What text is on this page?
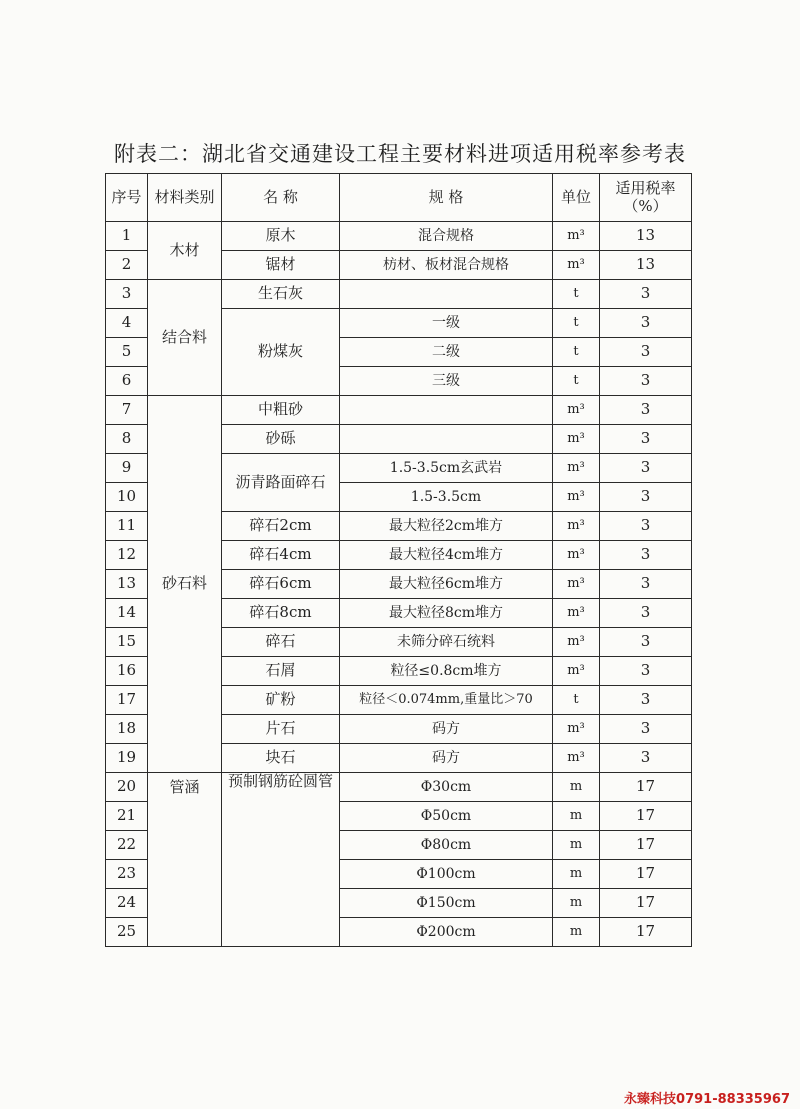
附表二：湖北省交通建设工程主要材料进项适用税率参考表
序号	材料类别	名 称	规 格	单位	适用税率（%）
1	木材	原木	混合规格	m³	13
2		锯材	枋材、板材混合规格	m³	13
3	结合料	生石灰		t	3
4		粉煤灰	一级	t	3
5			二级	t	3
6			三级	t	3
7	砂石料	中粗砂		m³	3
8		砂砾		m³	3
9		沥青路面碎石	1.5-3.5cm玄武岩	m³	3
10			1.5-3.5cm	m³	3
11		碎石2cm	最大粒径2cm堆方	m³	3
12		碎石4cm	最大粒径4cm堆方	m³	3
13		碎石6cm	最大粒径6cm堆方	m³	3
14		碎石8cm	最大粒径8cm堆方	m³	3
15		碎石	未筛分碎石统料	m³	3
16		石屑	粒径≤0.8cm堆方	m³	3
17		矿粉	粒径＜0.074mm,重量比＞70	t	3
18		片石	码方	m³	3
19		块石	码方	m³	3
20	管涵	预制钢筋砼圆管	Φ30cm	m	17
21			Φ50cm	m	17
22			Φ80cm	m	17
23			Φ100cm	m	17
24			Φ150cm	m	17
25			Φ200cm	m	17
永臻科技0791-88335967
